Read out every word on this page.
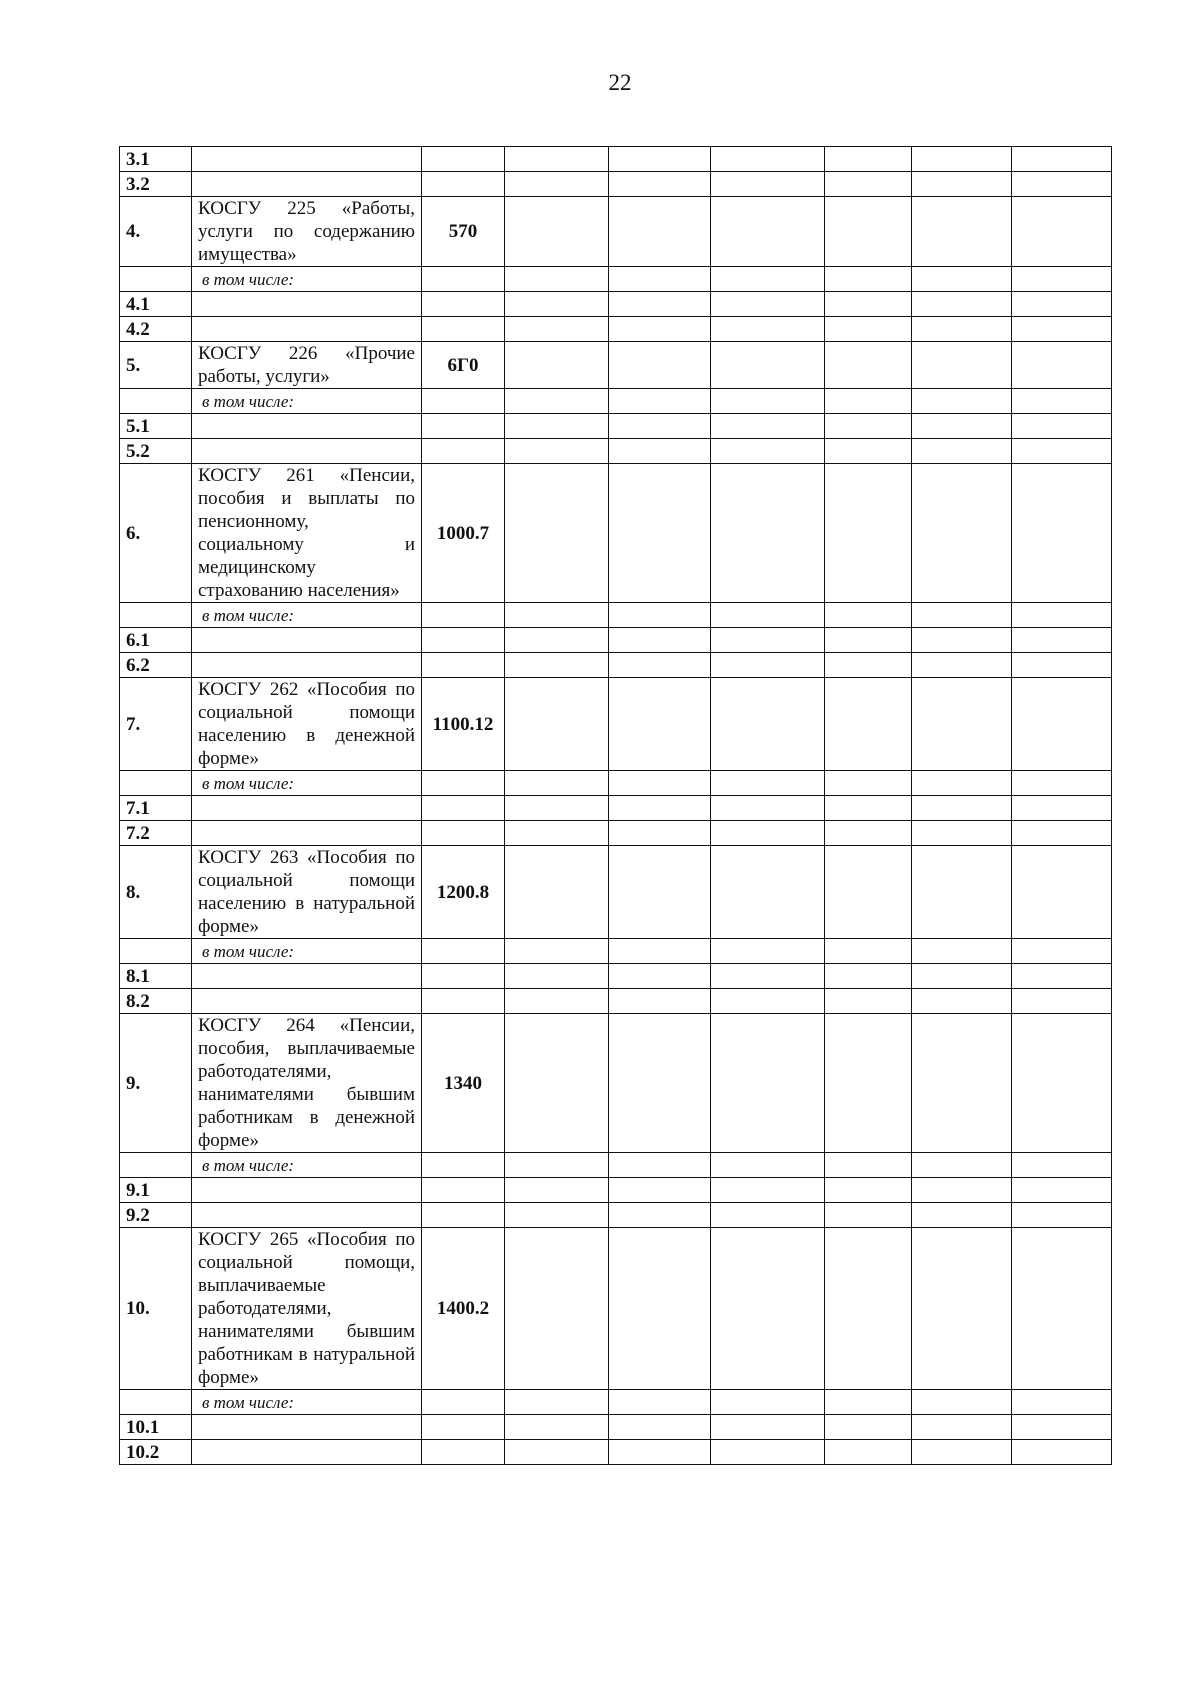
22
3.1								
3.2								
4.	КОСГУ 225 «Работы, услуги по содержанию имущества»	570						
	в том числе:							
4.1								
4.2								
5.	КОСГУ 226 «Прочие работы, услуги»	6Г0						
	в том числе:							
5.1								
5.2								
6.	КОСГУ 261 «Пенсии, пособия и выплаты по пенсионному, социальному и медицинскому страхованию населения»	1000.7						
	в том числе:							
6.1								
6.2								
7.	КОСГУ 262 «Пособия по социальной помощи населению в денежной форме»	1100.12						
	в том числе:							
7.1								
7.2								
8.	КОСГУ 263 «Пособия по социальной помощи населению в натуральной форме»	1200.8						
	в том числе:							
8.1								
8.2								
9.	КОСГУ 264 «Пенсии, пособия, выплачиваемые работодателями, нанимателями бывшим работникам в денежной форме»	1340						
	в том числе:							
9.1								
9.2								
10.	КОСГУ 265 «Пособия по социальной помощи, выплачиваемые работодателями, нанимателями бывшим работникам в натуральной форме»	1400.2						
	в том числе:							
10.1								
10.2								
